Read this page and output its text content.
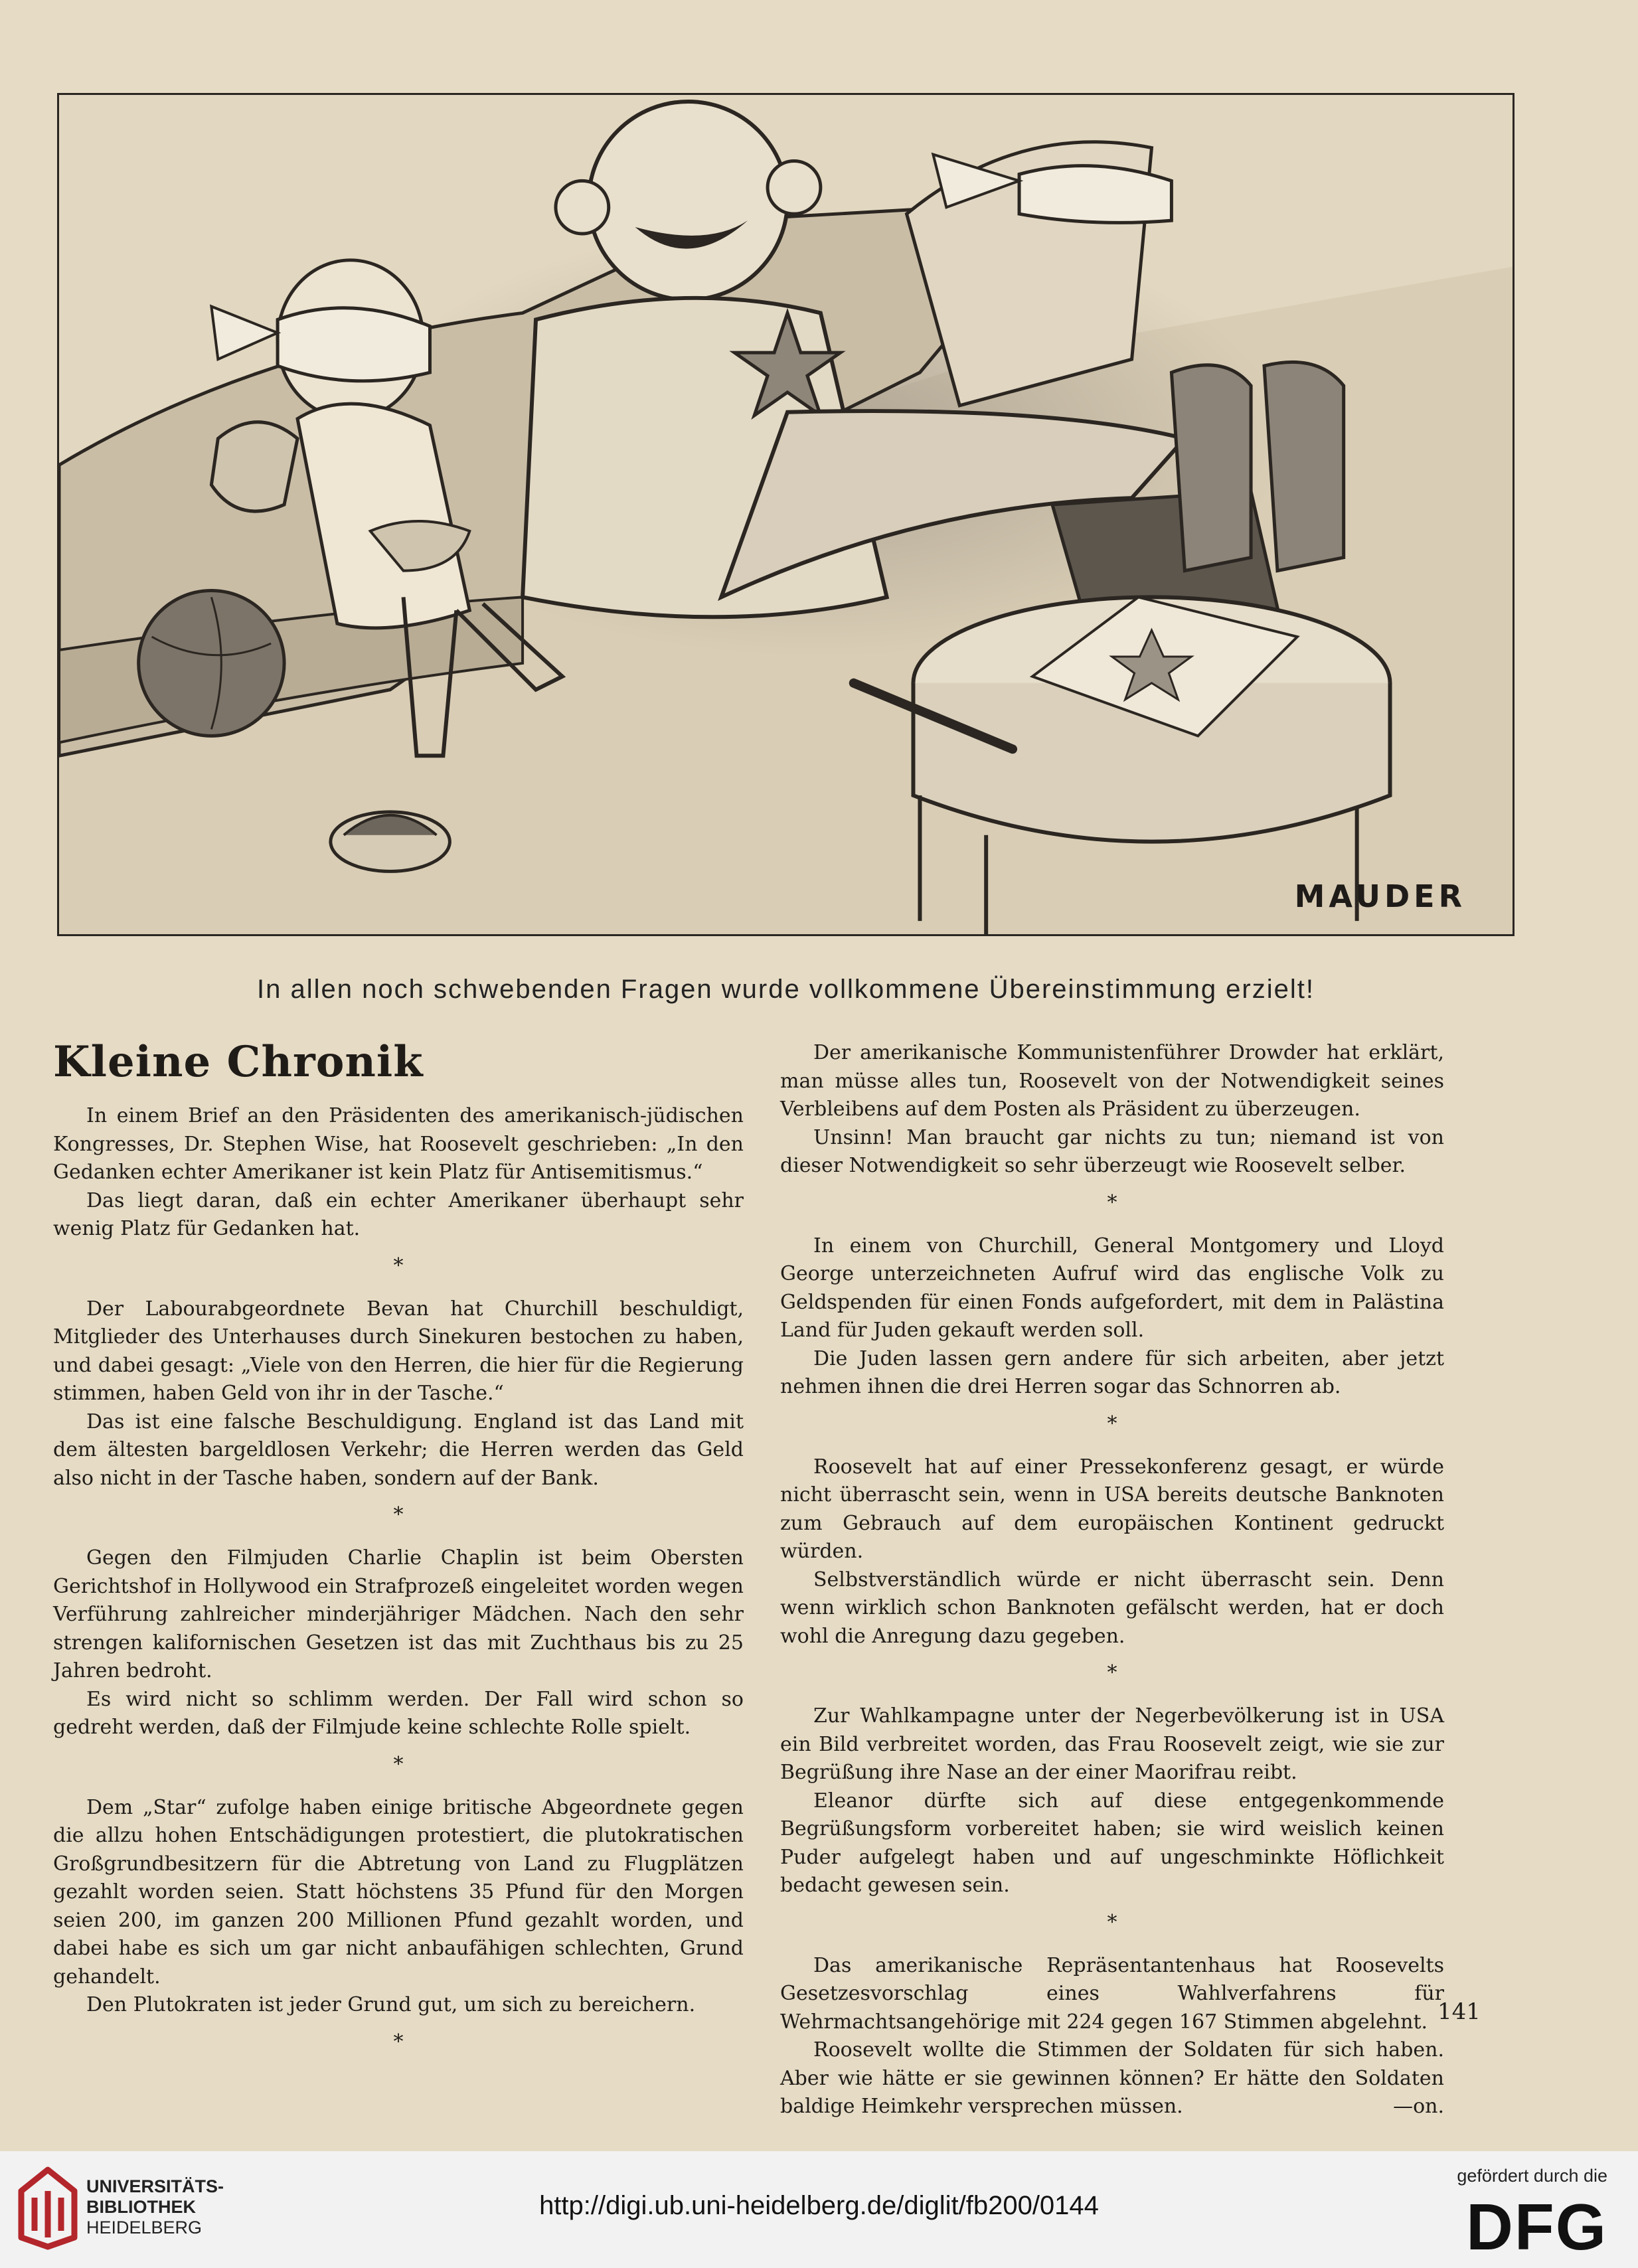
MAUDER
In allen noch schwebenden Fragen wurde vollkommene Übereinstimmung erzielt!
Kleine Chronik

In einem Brief an den Präsidenten des amerikanisch-jüdischen Kongresses, Dr. Stephen Wise, hat Roosevelt geschrieben: „In den Gedanken echter Amerikaner ist kein Platz für Antisemitismus.“

Das liegt daran, daß ein echter Amerikaner überhaupt sehr wenig Platz für Gedanken hat.

*

Der Labourabgeordnete Bevan hat Churchill beschuldigt, Mitglieder des Unterhauses durch Sinekuren bestochen zu haben, und dabei gesagt: „Viele von den Herren, die hier für die Regierung stimmen, haben Geld von ihr in der Tasche.“

Das ist eine falsche Beschuldigung. England ist das Land mit dem ältesten bargeldlosen Verkehr; die Herren werden das Geld also nicht in der Tasche haben, sondern auf der Bank.

*

Gegen den Filmjuden Charlie Chaplin ist beim Obersten Gerichtshof in Hollywood ein Strafprozeß eingeleitet worden wegen Verführung zahlreicher minderjähriger Mädchen. Nach den sehr strengen kalifornischen Gesetzen ist das mit Zuchthaus bis zu 25 Jahren bedroht.

Es wird nicht so schlimm werden. Der Fall wird schon so gedreht werden, daß der Filmjude keine schlechte Rolle spielt.

*

Dem „Star“ zufolge haben einige britische Abgeordnete gegen die allzu hohen Entschädigungen protestiert, die plutokratischen Großgrundbesitzern für die Abtretung von Land zu Flugplätzen gezahlt worden seien. Statt höchstens 35 Pfund für den Morgen seien 200, im ganzen 200 Millionen Pfund gezahlt worden, und dabei habe es sich um gar nicht anbaufähigen schlechten, Grund gehandelt.

Den Plutokraten ist jeder Grund gut, um sich zu bereichern.

*

Der amerikanische Kommunistenführer Drowder hat erklärt, man müsse alles tun, Roosevelt von der Notwendigkeit seines Verbleibens auf dem Posten als Präsident zu überzeugen.

Unsinn! Man braucht gar nichts zu tun; niemand ist von dieser Notwendigkeit so sehr überzeugt wie Roosevelt selber.

*

In einem von Churchill, General Montgomery und Lloyd George unterzeichneten Aufruf wird das englische Volk zu Geldspenden für einen Fonds aufgefordert, mit dem in Palästina Land für Juden gekauft werden soll.

Die Juden lassen gern andere für sich arbeiten, aber jetzt nehmen ihnen die drei Herren sogar das Schnorren ab.

*

Roosevelt hat auf einer Pressekonferenz gesagt, er würde nicht überrascht sein, wenn in USA bereits deutsche Banknoten zum Gebrauch auf dem europäischen Kontinent gedruckt würden.

Selbstverständlich würde er nicht überrascht sein. Denn wenn wirklich schon Banknoten gefälscht werden, hat er doch wohl die Anregung dazu gegeben.

*

Zur Wahlkampagne unter der Negerbevölkerung ist in USA ein Bild verbreitet worden, das Frau Roosevelt zeigt, wie sie zur Begrüßung ihre Nase an der einer Maorifrau reibt.

Eleanor dürfte sich auf diese entgegenkommende Begrüßungsform vorbereitet haben; sie wird weislich keinen Puder aufgelegt haben und auf ungeschminkte Höflichkeit bedacht gewesen sein.

*

Das amerikanische Repräsentantenhaus hat Roosevelts Gesetzesvorschlag eines Wahlverfahrens für Wehrmachtsangehörige mit 224 gegen 167 Stimmen abgelehnt.

Roosevelt wollte die Stimmen der Soldaten für sich haben. Aber wie hätte er sie gewinnen können? Er hätte den Soldaten baldige Heimkehr versprechen müssen.	—on.

141
UNIVERSITÄTS-
BIBLIOTHEK
HEIDELBERG
http://digi.ub.uni-heidelberg.de/diglit/fb200/0144
gefördert durch die
DFG
